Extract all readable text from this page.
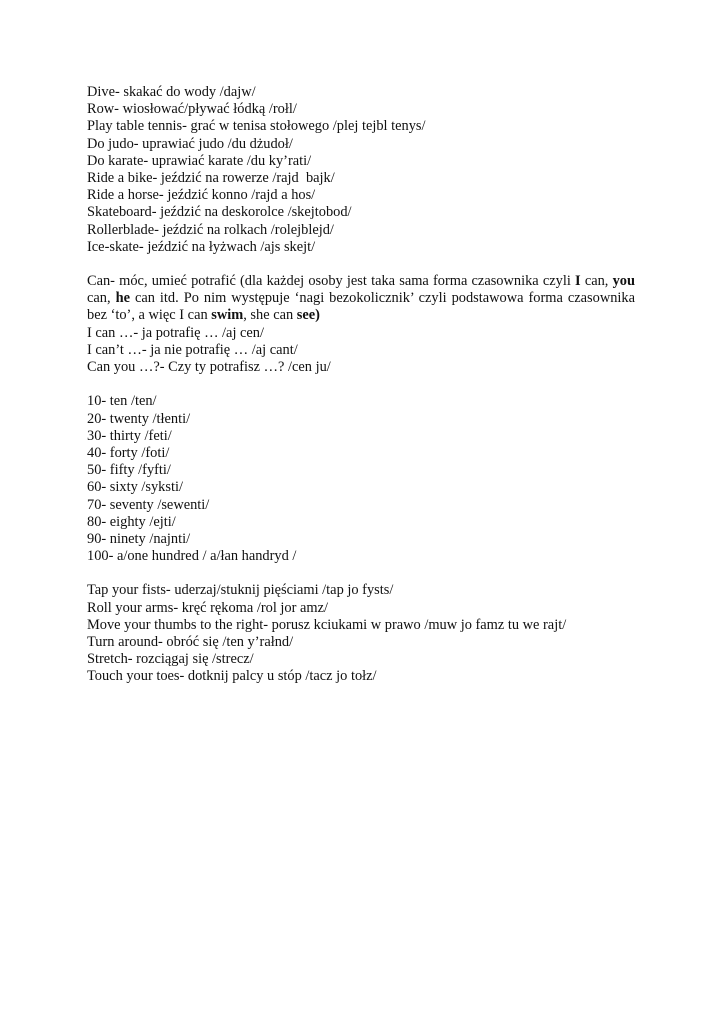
Dive- skakać do wody /dajw/
Row- wiosłować/pływać łódką /rołl/
Play table tennis- grać w tenisa stołowego /plej tejbl tenys/
Do judo- uprawiać judo /du dżudoł/
Do karate- uprawiać karate /du ky’rati/
Ride a bike- jeździć na rowerze /rajd  bajk/
Ride a horse- jeździć konno /rajd a hos/
Skateboard- jeździć na deskorolce /skejtobod/
Rollerblade- jeździć na rolkach /rolejblejd/
Ice-skate- jeździć na łyżwach /ajs skejt/
Can- móc, umieć potrafić (dla każdej osoby jest taka sama forma czasownika czyli I can, you can, he can itd. Po nim występuje ‘nagi bezokolicznik’ czyli podstawowa forma czasownika bez ‘to’, a więc I can swim, she can see)
I can …- ja potrafię … /aj cen/
I can’t …- ja nie potrafię … /aj cant/
Can you …?- Czy ty potrafisz …? /cen ju/
10- ten /ten/
20- twenty /tłenti/
30- thirty /feti/
40- forty /foti/
50- fifty /fyfti/
60- sixty /syksti/
70- seventy /sewenti/
80- eighty /ejti/
90- ninety /najnti/
100- a/one hundred / a/łan handryd /
Tap your fists- uderzaj/stuknij pięściami /tap jo fysts/
Roll your arms- kręć rękoma /rol jor amz/
Move your thumbs to the right- porusz kciukami w prawo /muw jo famz tu we rajt/
Turn around- obróć się /ten y’rałnd/
Stretch- rozciągaj się /strecz/
Touch your toes- dotknij palcy u stóp /tacz jo tołz/
